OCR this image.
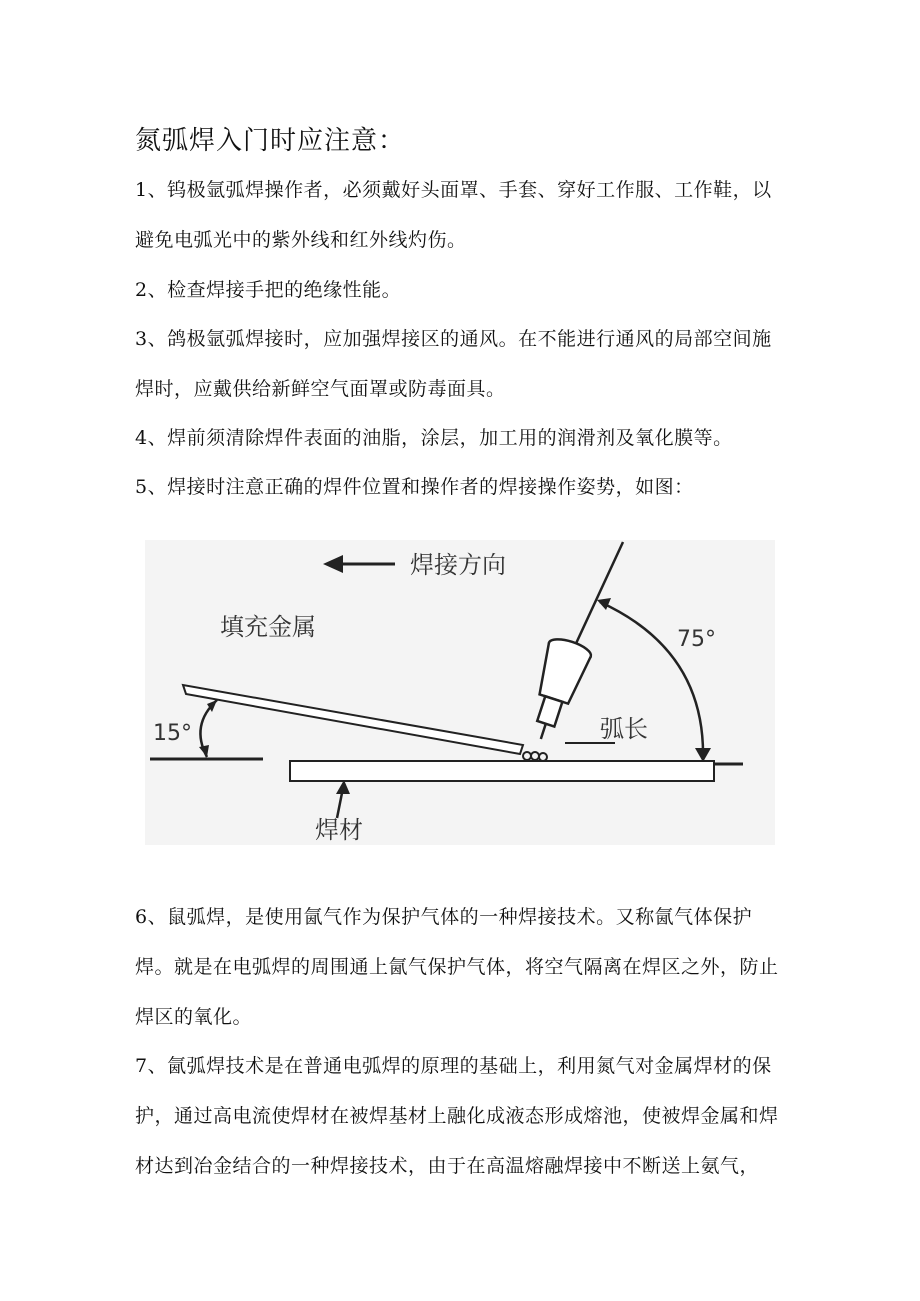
氮弧焊入门时应注意：
1、钨极氩弧焊操作者，必须戴好头面罩、手套、穿好工作服、工作鞋，以避免电弧光中的紫外线和红外线灼伤。
2、检查焊接手把的绝缘性能。
3、鸽极氩弧焊接时，应加强焊接区的通风。在不能进行通风的局部空间施焊时，应戴供给新鲜空气面罩或防毒面具。
4、焊前须清除焊件表面的油脂，涂层，加工用的润滑剂及氧化膜等。
5、焊接时注意正确的焊件位置和操作者的焊接操作姿势，如图：
焊接方向
填充金属
15°
75°
弧长
焊材
6、鼠弧焊，是使用氤气作为保护气体的一种焊接技术。又称氤气体保护焊。就是在电弧焊的周围通上氤气保护气体，将空气隔离在焊区之外，防止焊区的氧化。
7、氤弧焊技术是在普通电弧焊的原理的基础上，利用氮气对金属焊材的保护，通过高电流使焊材在被焊基材上融化成液态形成熔池，使被焊金属和焊材达到冶金结合的一种焊接技术，由于在高温熔融焊接中不断送上氨气，
